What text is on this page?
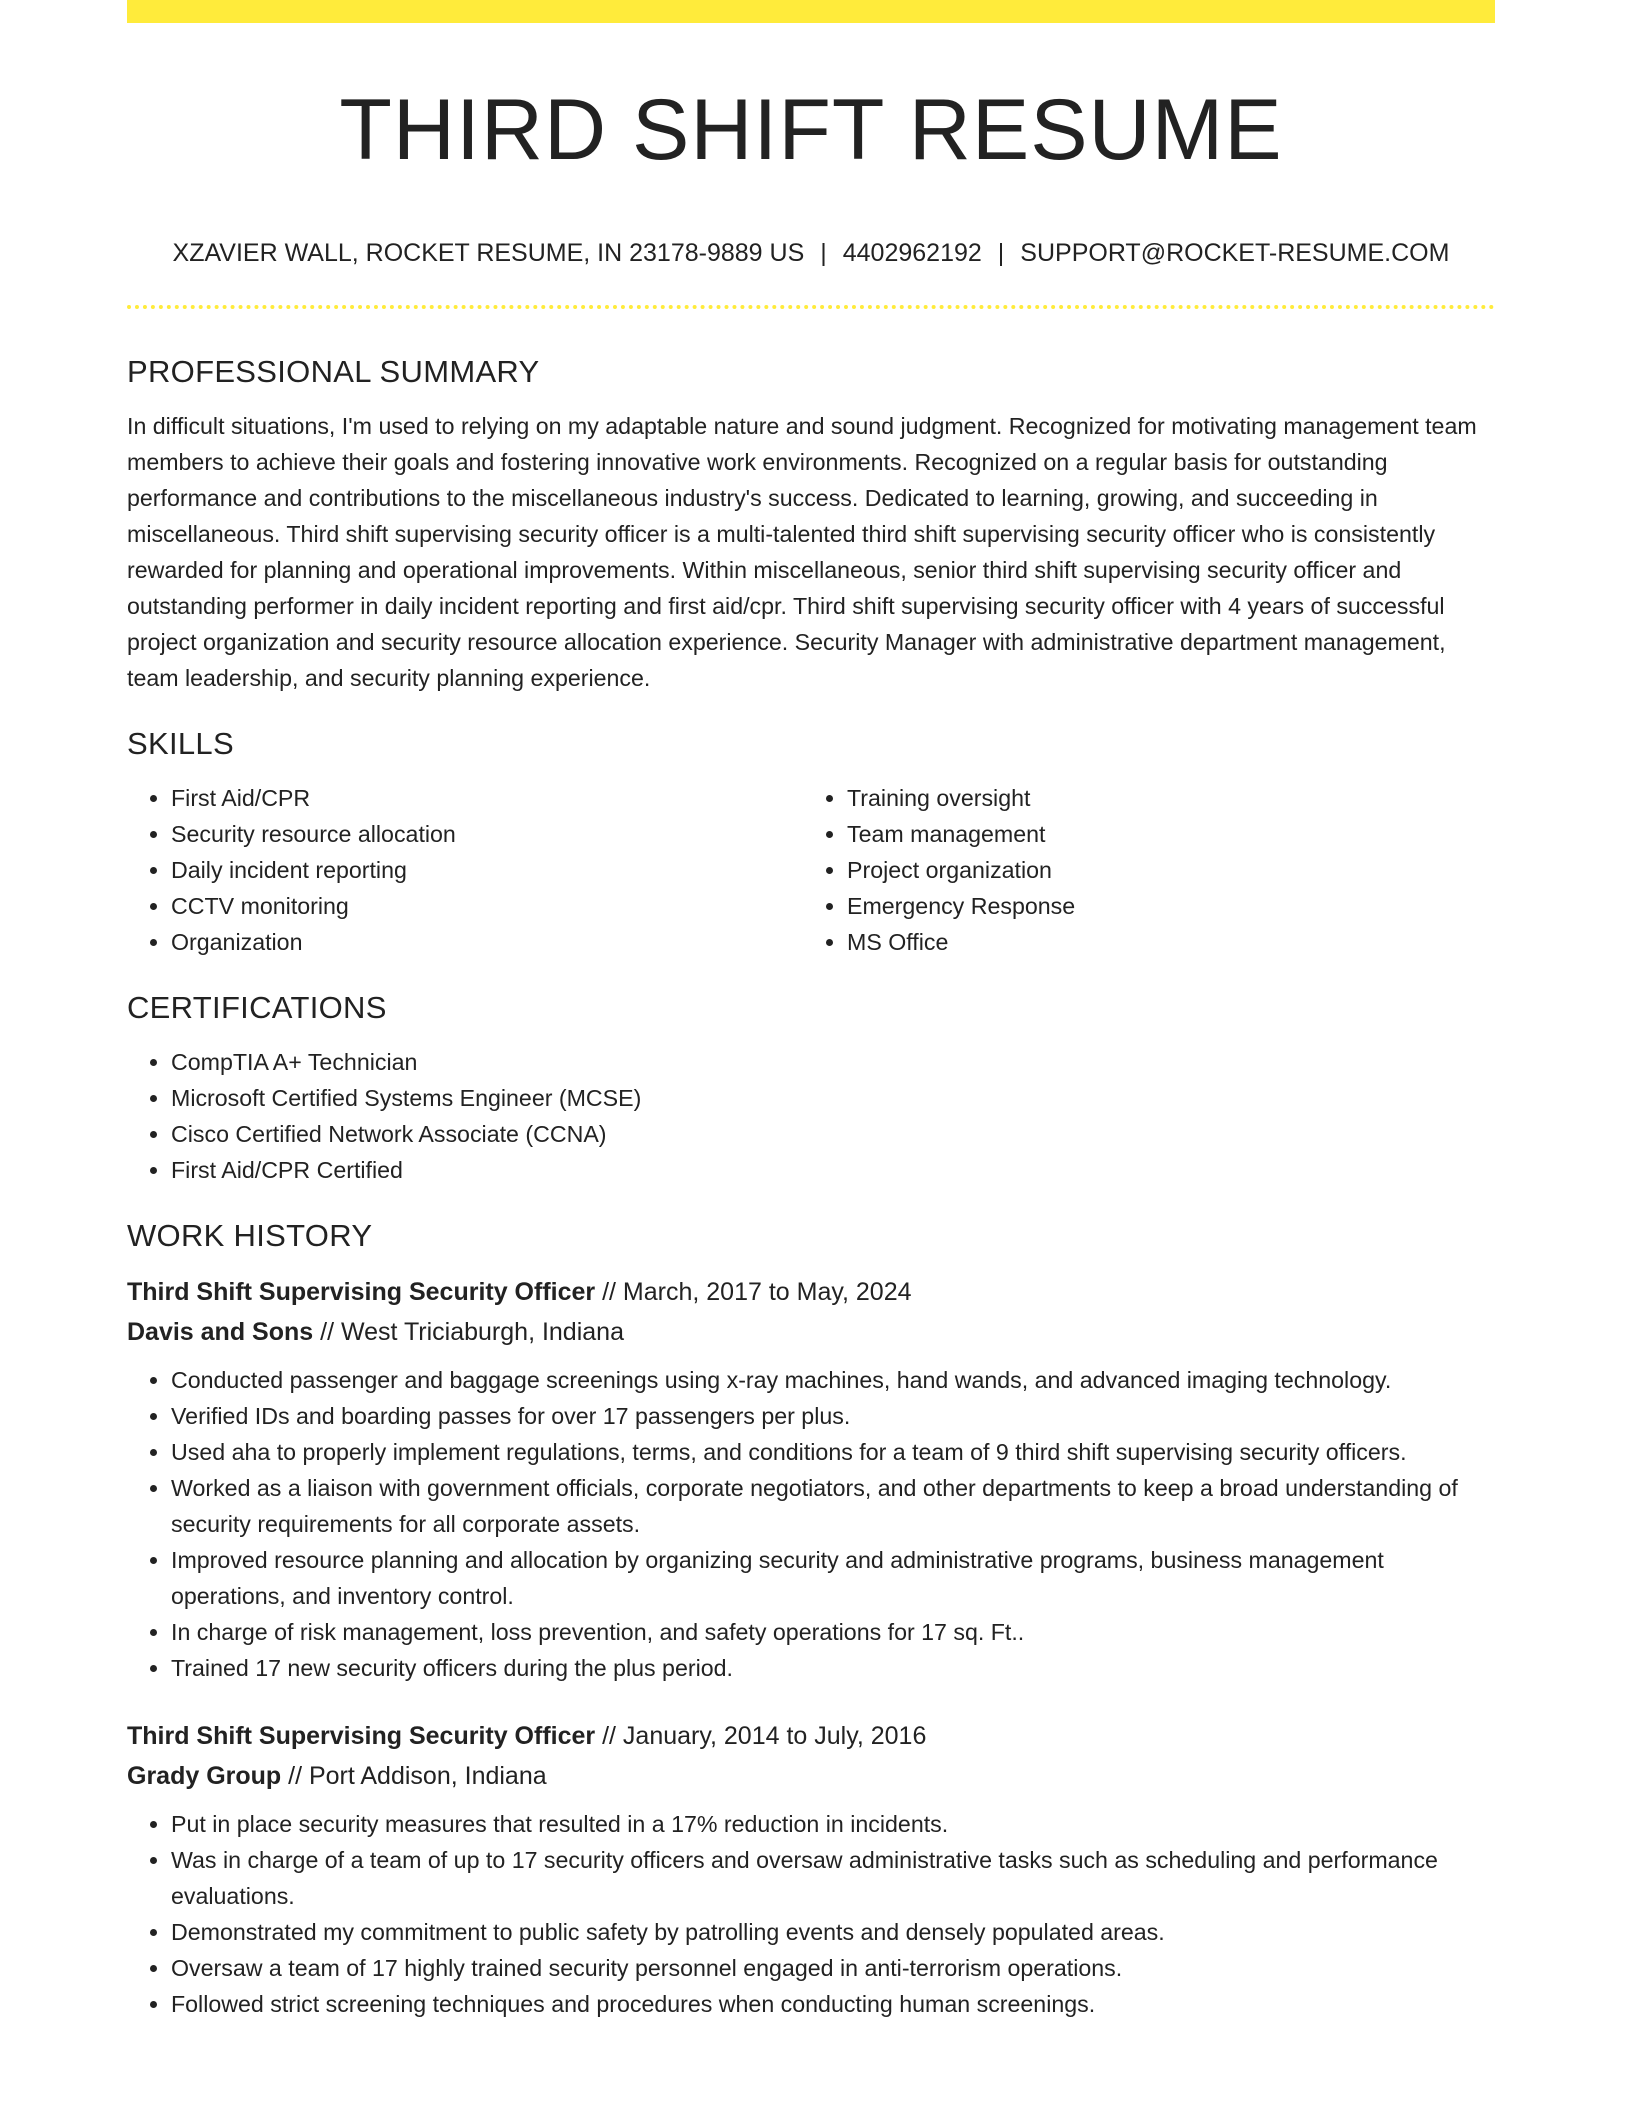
THIRD SHIFT RESUME
XZAVIER WALL, ROCKET RESUME, IN 23178-9889 US | 4402962192 | SUPPORT@ROCKET-RESUME.COM
PROFESSIONAL SUMMARY

In difficult situations, I'm used to relying on my adaptable nature and sound judgment. Recognized for motivating management team members to achieve their goals and fostering innovative work environments. Recognized on a regular basis for outstanding performance and contributions to the miscellaneous industry's success. Dedicated to learning, growing, and succeeding in miscellaneous. Third shift supervising security officer is a multi-talented third shift supervising security officer who is consistently rewarded for planning and operational improvements. Within miscellaneous, senior third shift supervising security officer and outstanding performer in daily incident reporting and first aid/cpr. Third shift supervising security officer with 4 years of successful project organization and security resource allocation experience. Security Manager with administrative department management, team leadership, and security planning experience.

SKILLS
• First Aid/CPR
• Security resource allocation
• Daily incident reporting
• CCTV monitoring
• Organization
• Training oversight
• Team management
• Project organization
• Emergency Response
• MS Office
CERTIFICATIONS
• CompTIA A+ Technician
• Microsoft Certified Systems Engineer (MCSE)
• Cisco Certified Network Associate (CCNA)
• First Aid/CPR Certified
WORK HISTORY
Third Shift Supervising Security Officer // March, 2017 to May, 2024
Davis and Sons // West Triciaburgh, Indiana
• Conducted passenger and baggage screenings using x-ray machines, hand wands, and advanced imaging technology.
• Verified IDs and boarding passes for over 17 passengers per plus.
• Used aha to properly implement regulations, terms, and conditions for a team of 9 third shift supervising security officers.
• Worked as a liaison with government officials, corporate negotiators, and other departments to keep a broad understanding of security requirements for all corporate assets.
• Improved resource planning and allocation by organizing security and administrative programs, business management operations, and inventory control.
• In charge of risk management, loss prevention, and safety operations for 17 sq. Ft..
• Trained 17 new security officers during the plus period.
Third Shift Supervising Security Officer // January, 2014 to July, 2016
Grady Group // Port Addison, Indiana
• Put in place security measures that resulted in a 17% reduction in incidents.
• Was in charge of a team of up to 17 security officers and oversaw administrative tasks such as scheduling and performance evaluations.
• Demonstrated my commitment to public safety by patrolling events and densely populated areas.
• Oversaw a team of 17 highly trained security personnel engaged in anti-terrorism operations.
• Followed strict screening techniques and procedures when conducting human screenings.
